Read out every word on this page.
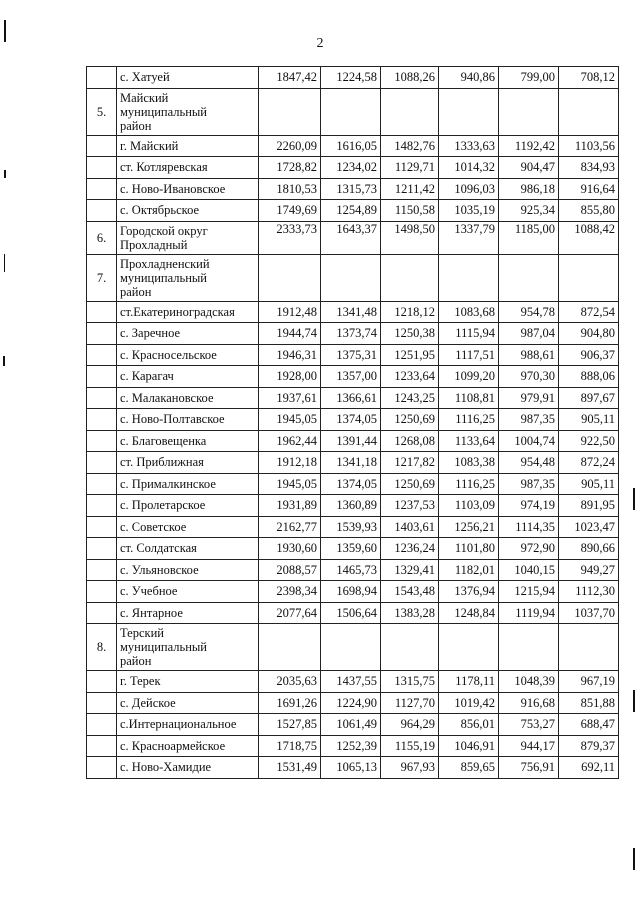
2
	с. Хатуей	1847,42	1224,58	1088,26	940,86	799,00	708,12
5.	Майский
муниципальный
район						
	г. Майский	2260,09	1616,05	1482,76	1333,63	1192,42	1103,56
	ст. Котляревская	1728,82	1234,02	1129,71	1014,32	904,47	834,93
	с. Ново-Ивановское	1810,53	1315,73	1211,42	1096,03	986,18	916,64
	с. Октябрьское	1749,69	1254,89	1150,58	1035,19	925,34	855,80
6.	Городской округ
Прохладный	2333,73	1643,37	1498,50	1337,79	1185,00	1088,42
7.	Прохладненский
муниципальный
район						
	ст.Екатериноградская	1912,48	1341,48	1218,12	1083,68	954,78	872,54
	с. Заречное	1944,74	1373,74	1250,38	1115,94	987,04	904,80
	с. Красносельское	1946,31	1375,31	1251,95	1117,51	988,61	906,37
	с. Карагач	1928,00	1357,00	1233,64	1099,20	970,30	888,06
	с. Малакановское	1937,61	1366,61	1243,25	1108,81	979,91	897,67
	с. Ново-Полтавское	1945,05	1374,05	1250,69	1116,25	987,35	905,11
	с. Благовещенка	1962,44	1391,44	1268,08	1133,64	1004,74	922,50
	ст. Приближная	1912,18	1341,18	1217,82	1083,38	954,48	872,24
	с. Прималкинское	1945,05	1374,05	1250,69	1116,25	987,35	905,11
	с. Пролетарское	1931,89	1360,89	1237,53	1103,09	974,19	891,95
	с. Советское	2162,77	1539,93	1403,61	1256,21	1114,35	1023,47
	ст. Солдатская	1930,60	1359,60	1236,24	1101,80	972,90	890,66
	с. Ульяновское	2088,57	1465,73	1329,41	1182,01	1040,15	949,27
	с. Учебное	2398,34	1698,94	1543,48	1376,94	1215,94	1112,30
	с. Янтарное	2077,64	1506,64	1383,28	1248,84	1119,94	1037,70
8.	Терский
муниципальный
район						
	г. Терек	2035,63	1437,55	1315,75	1178,11	1048,39	967,19
	с. Дейское	1691,26	1224,90	1127,70	1019,42	916,68	851,88
	с.Интернациональное	1527,85	1061,49	964,29	856,01	753,27	688,47
	с. Красноармейское	1718,75	1252,39	1155,19	1046,91	944,17	879,37
	с. Ново-Хамидие	1531,49	1065,13	967,93	859,65	756,91	692,11
